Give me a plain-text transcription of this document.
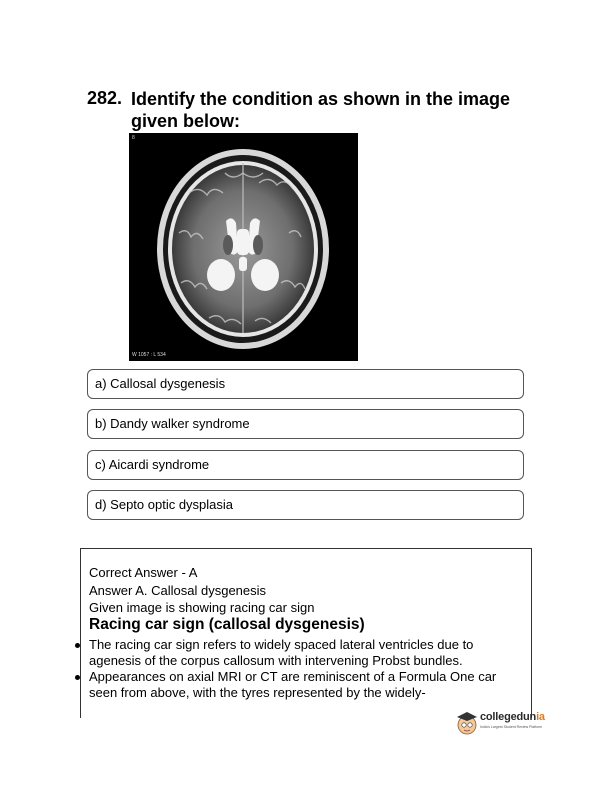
282. Identify the condition as shown in the image given below:
8
W 1057 : L 534
a) Callosal dysgenesis
b) Dandy walker syndrome
c) Aicardi syndrome
d) Septo optic dysplasia
Correct Answer - A
Answer A. Callosal dysgenesis
Given image is showing racing car sign
Racing car sign (callosal dysgenesis)
The racing car sign refers to widely spaced lateral ventricles due to agenesis of the corpus callosum with intervening Probst bundles.
Appearances on axial MRI or CT are reminiscent of a Formula One car seen from above, with the tyres represented by the widely-
collegedunia
India's Largest Student Review Platform
